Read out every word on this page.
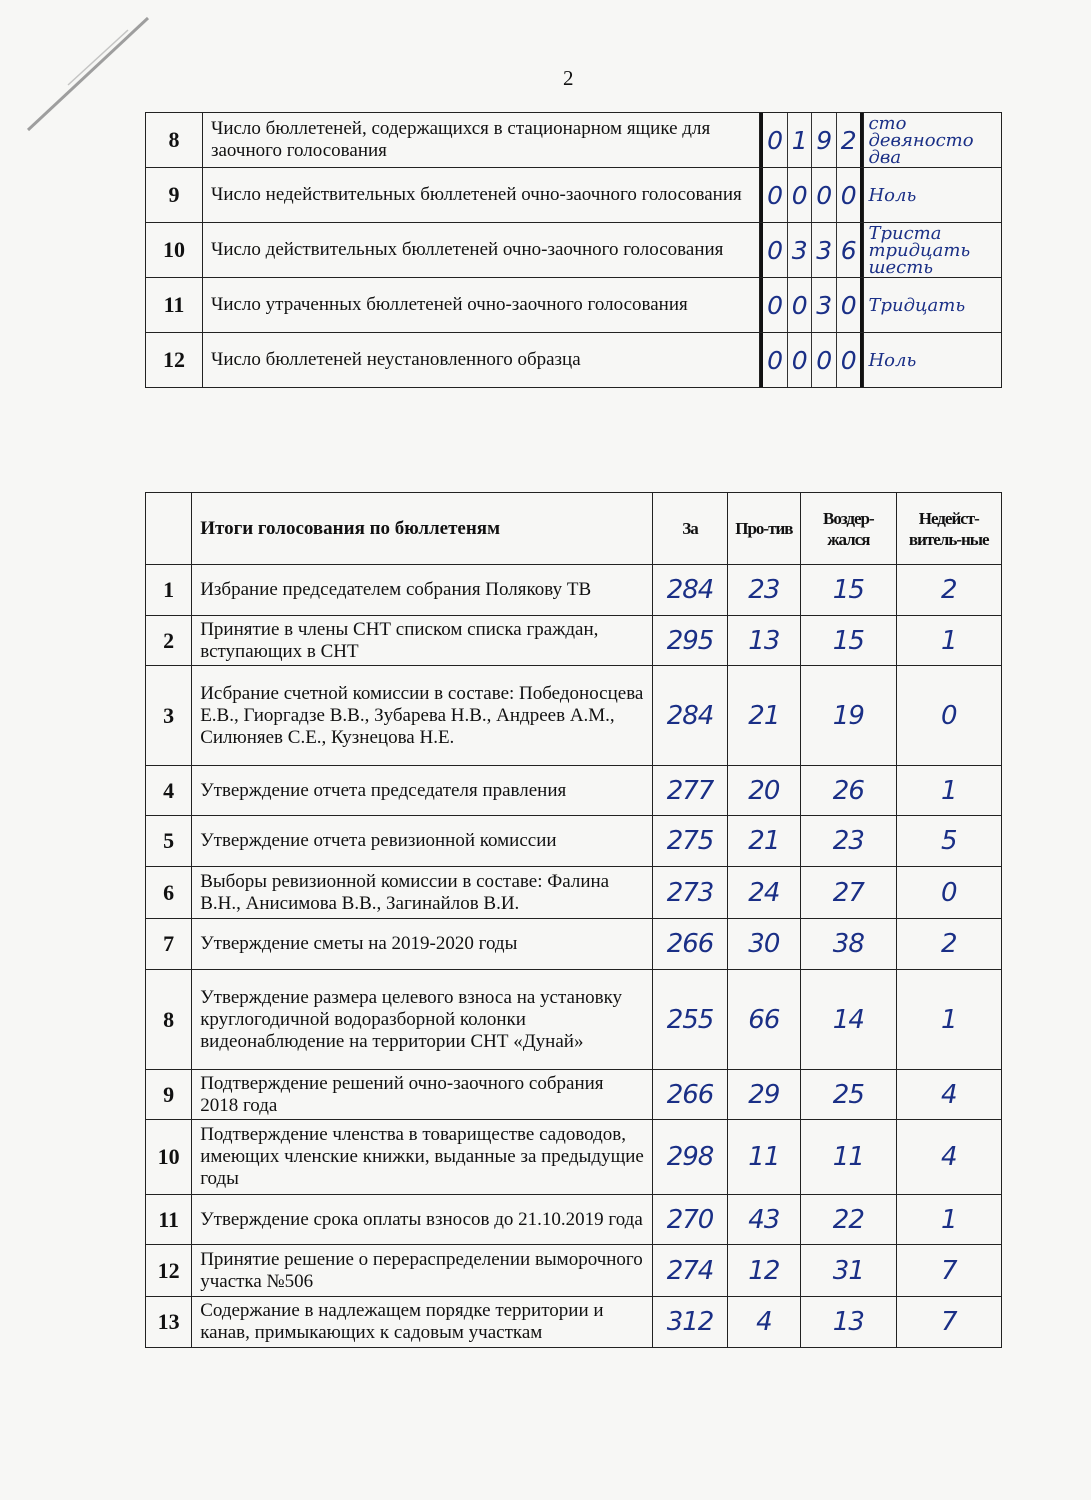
2
8	Число бюллетеней, содержащихся в стационарном ящике для заочного голосования	0 1 9 2	сто девяносто два

9	Число недействительных бюллетеней очно-заочного голосования	0 0 0 0	Ноль

10	Число действительных бюллетеней очно-заочного голосования	0 3 3 6	Триста тридцать шесть

11	Число утраченных бюллетеней очно-заочного голосования	0 0 3 0	Тридцать

12	Число бюллетеней неустановленного образца	0 0 0 0	Ноль
	Итоги голосования по бюллетеням	За	Про-тив	Воздер-жался	Недейст-витель-ные
1	Избрание председателем собрания Полякову ТВ	284	23	15	2
2	Принятие в члены СНТ списком списка граждан, вступающих в СНТ	295	13	15	1
3	Исбрание счетной комиссии в составе: Победоносцева Е.В., Гиоргадзе В.В., Зубарева Н.В., Андреев А.М., Силюняев С.Е., Кузнецова Н.Е.	284	21	19	0
4	Утверждение отчета председателя правления	277	20	26	1
5	Утверждение отчета ревизионной комиссии	275	21	23	5
6	Выборы ревизионной комиссии в составе: Фалина В.Н., Анисимова В.В., Загинайлов В.И.	273	24	27	0
7	Утверждение сметы на 2019-2020 годы	266	30	38	2
8	Утверждение размера целевого взноса на установку круглогодичной водоразборной колонки видеонаблюдение на территории СНТ «Дунай»	255	66	14	1
9	Подтверждение решений очно-заочного собрания 2018 года	266	29	25	4
10	Подтверждение членства в товариществе садоводов, имеющих членские книжки, выданные за предыдущие годы	298	11	11	4
11	Утверждение срока оплаты взносов до 21.10.2019 года	270	43	22	1
12	Принятие решение о перераспределении выморочного участка №506	274	12	31	7
13	Содержание в надлежащем порядке территории и канав, примыкающих к садовым участкам	312	4	13	7
